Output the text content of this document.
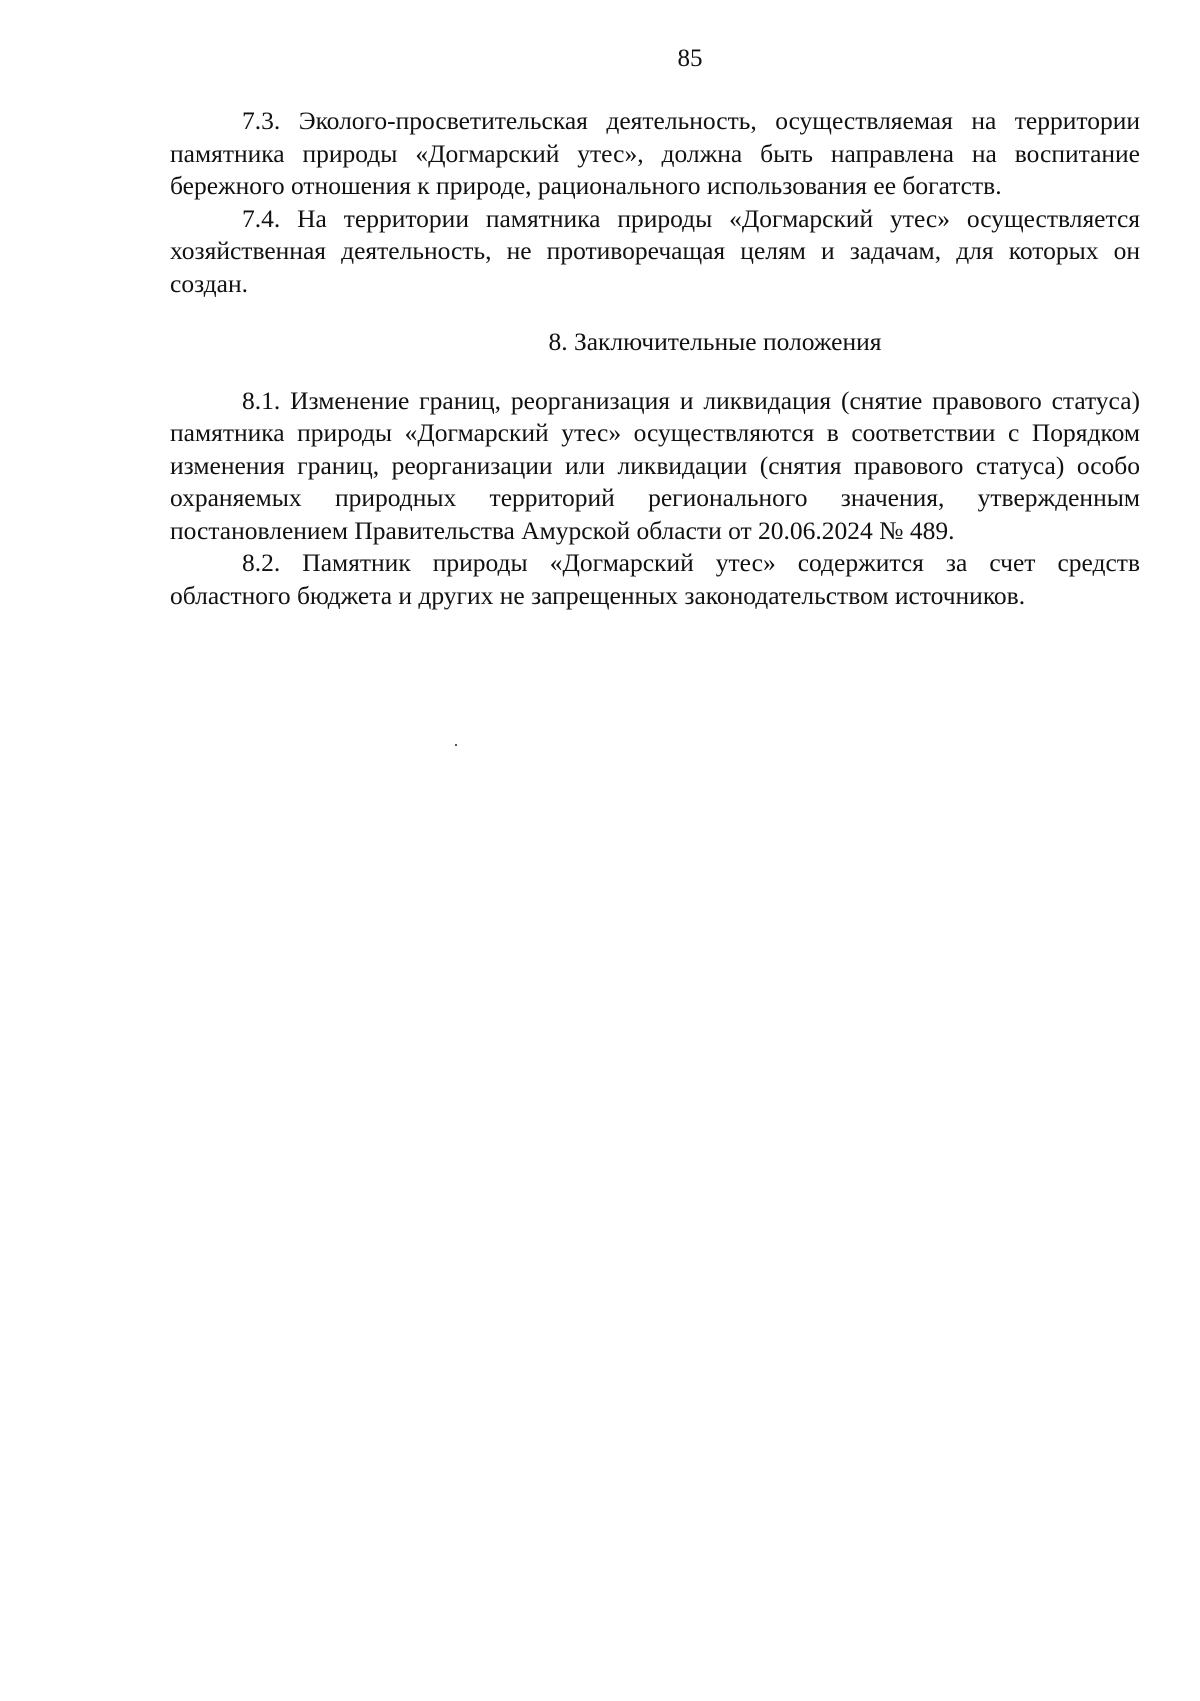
85

7.3. Эколого-просветительская деятельность, осуществляемая на территории памятника природы «Догмарский утес», должна быть направлена на воспитание бережного отношения к природе, рационального использования ее богатств.

7.4. На территории памятника природы «Догмарский утес» осуществляется хозяйственная деятельность, не противоречащая целям и задачам, для которых он создан.

8. Заключительные положения

8.1. Изменение границ, реорганизация и ликвидация (снятие правового статуса) памятника природы «Догмарский утес» осуществляются в соответствии с Порядком изменения границ, реорганизации или ликвидации (снятия правового статуса) особо охраняемых природных территорий регионального значения, утвержденным постановлением Правительства Амурской области от 20.06.2024 № 489.

8.2. Памятник природы «Догмарский утес» содержится за счет средств областного бюджета и других не запрещенных законодательством источников.
